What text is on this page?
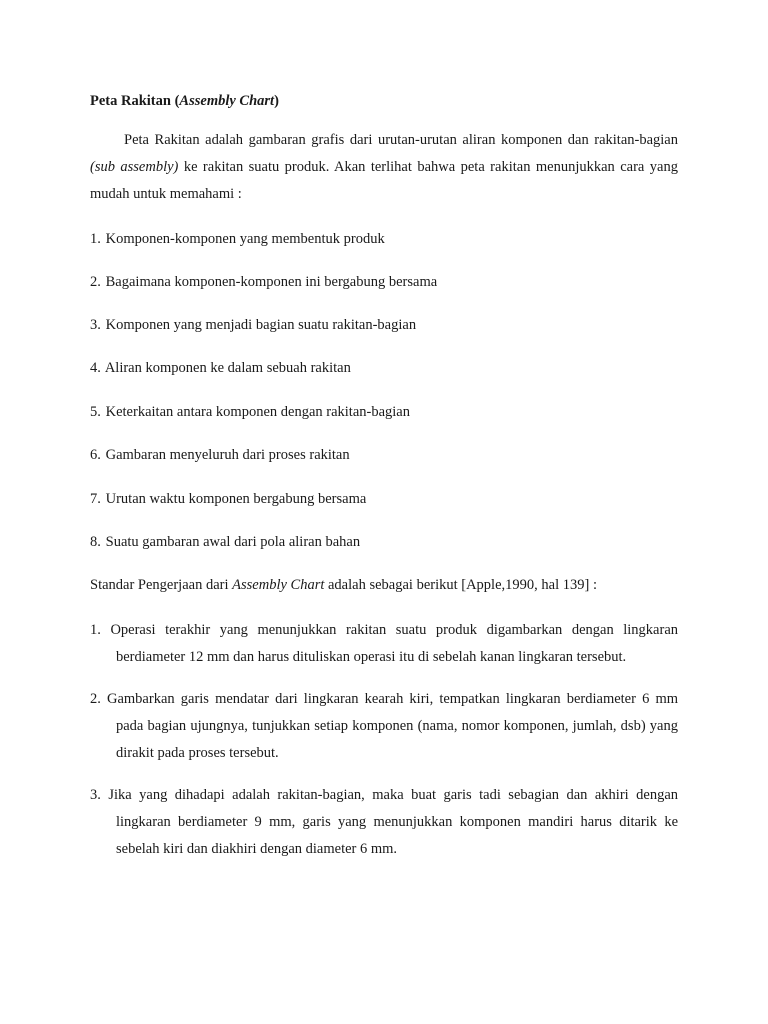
Peta Rakitan (Assembly Chart)
Peta Rakitan adalah gambaran grafis dari urutan-urutan aliran komponen dan rakitan-bagian (sub assembly) ke rakitan suatu produk. Akan terlihat bahwa peta rakitan menunjukkan cara yang mudah untuk memahami :
1. Komponen-komponen yang membentuk produk
2. Bagaimana komponen-komponen ini bergabung bersama
3. Komponen yang menjadi bagian suatu rakitan-bagian
4. Aliran komponen ke dalam sebuah rakitan
5. Keterkaitan antara komponen dengan rakitan-bagian
6. Gambaran menyeluruh dari proses rakitan
7. Urutan waktu komponen bergabung bersama
8. Suatu gambaran awal dari pola aliran bahan
Standar Pengerjaan dari Assembly Chart adalah sebagai berikut [Apple,1990, hal 139] :
1. Operasi terakhir yang menunjukkan rakitan suatu produk digambarkan dengan lingkaran berdiameter 12 mm dan harus dituliskan operasi itu di sebelah kanan lingkaran tersebut.
2. Gambarkan garis mendatar dari lingkaran kearah kiri, tempatkan lingkaran berdiameter 6 mm pada bagian ujungnya, tunjukkan setiap komponen (nama, nomor komponen, jumlah, dsb) yang dirakit pada proses tersebut.
3. Jika yang dihadapi adalah rakitan-bagian, maka buat garis tadi sebagian dan akhiri dengan lingkaran berdiameter 9 mm, garis yang menunjukkan komponen mandiri harus ditarik ke sebelah kiri dan diakhiri dengan diameter 6 mm.
